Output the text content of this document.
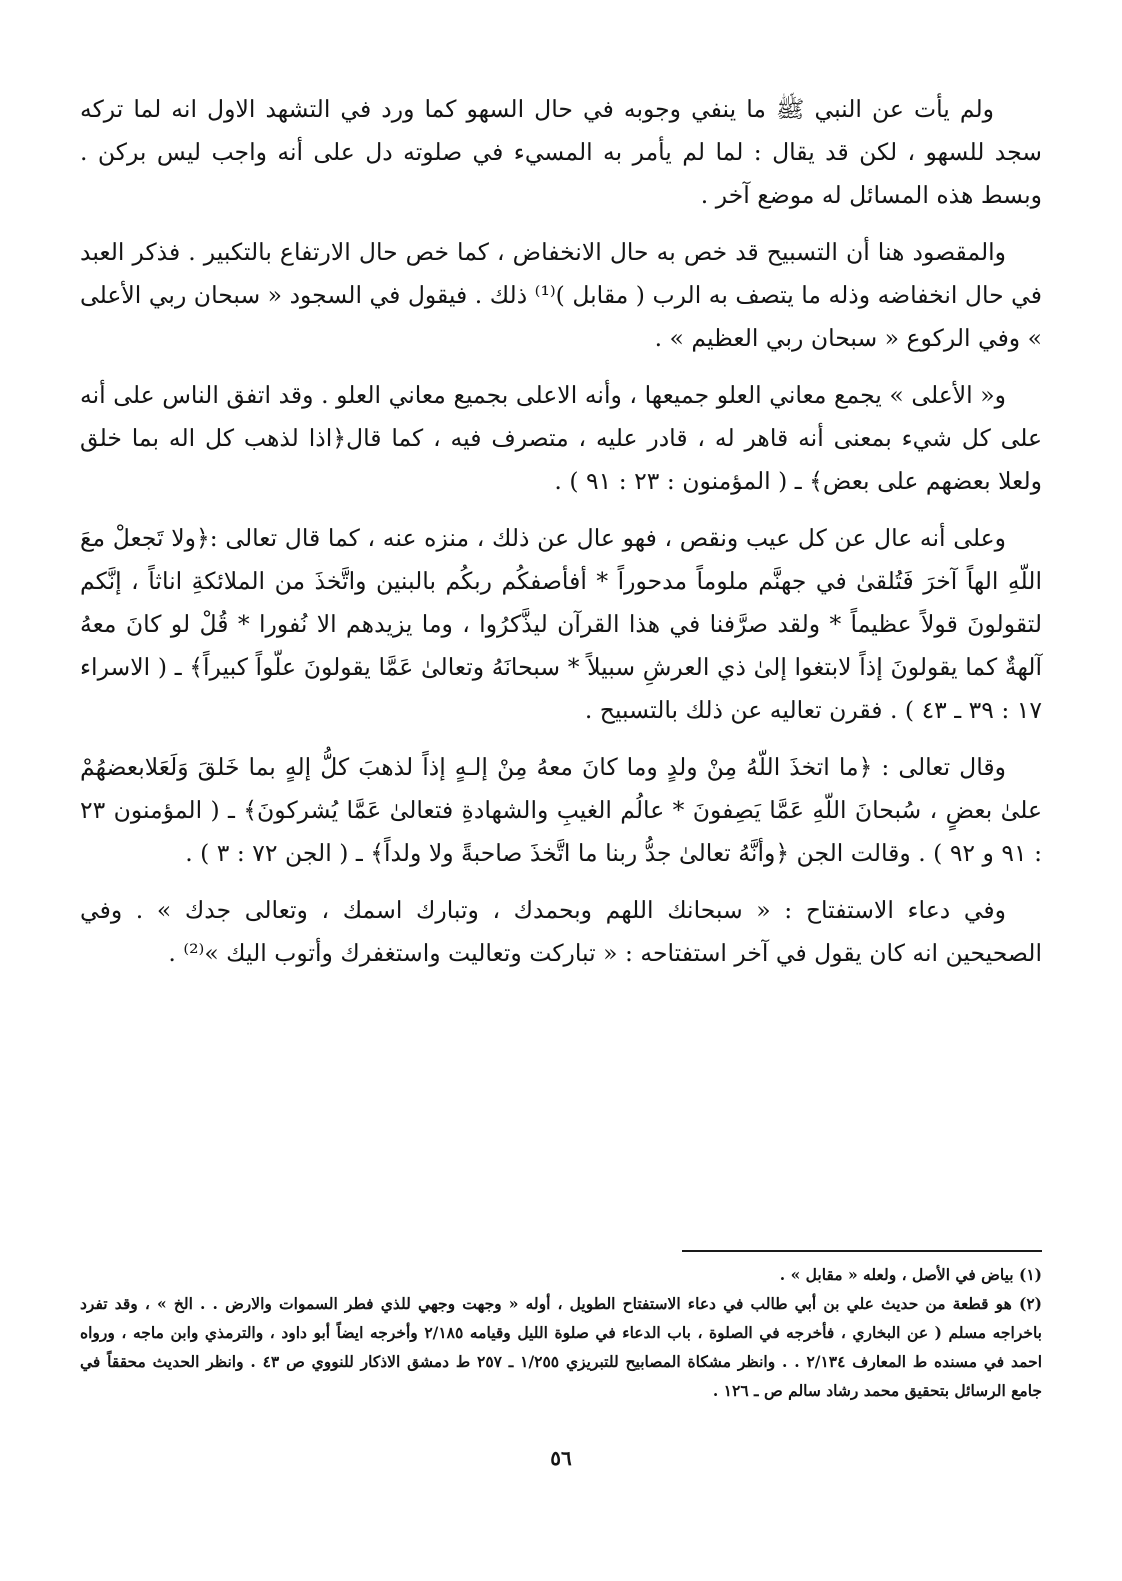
ولم يأت عن النبي ﷺ ما ينفي وجوبه في حال السهو كما ورد في التشهد الاول انه لما تركه سجد للسهو ، لكن قد يقال : لما لم يأمر به المسيء في صلوته دل على أنه واجب ليس بركن . وبسط هذه المسائل له موضع آخر .

والمقصود هنا أن التسبيح قد خص به حال الانخفاض ، كما خص حال الارتفاع بالتكبير . فذكر العبد في حال انخفاضه وذله ما يتصف به الرب ( مقابل )⁽¹⁾ ذلك . فيقول في السجود « سبحان ربي الأعلى » وفي الركوع « سبحان ربي العظيم » .

و« الأعلى » يجمع معاني العلو جميعها ، وأنه الاعلى بجميع معاني العلو . وقد اتفق الناس على أنه على كل شيء بمعنى أنه قاهر له ، قادر عليه ، متصرف فيه ، كما قال﴿اذا لذهب كل اله بما خلق ولعلا بعضهم على بعض﴾ ـ ( المؤمنون : ٢٣ : ٩١ ) .

وعلى أنه عال عن كل عيب ونقص ، فهو عال عن ذلك ، منزه عنه ، كما قال تعالى :﴿ولا تَجعلْ معَ اللّهِ الهاً آخرَ فَتُلقىٰ في جهنَّم ملوماً مدحوراً * أفأصفكُم ربكُم بالبنين واتَّخذَ من الملائكةِ اناثاً ، إنَّكم لتقولونَ قولاً عظيماً * ولقد صرَّفنا في هذا القرآن ليذَّكرُوا ، وما يزيدهم الا نُفورا * قُلْ لو كانَ معهُ آلهةٌ كما يقولونَ إذاً لابتغوا إلىٰ ذي العرشِ سبيلاً * سبحانَهُ وتعالىٰ عَمَّا يقولونَ علّواً كبيراً﴾ ـ ( الاسراء ١٧ : ٣٩ ـ ٤٣ ) . فقرن تعاليه عن ذلك بالتسبيح .

وقال تعالى : ﴿ما اتخذَ اللّهُ مِنْ ولدٍ وما كانَ معهُ مِنْ إلـهٍ إذاً لذهبَ كلُّ إلهٍ بما خَلقَ وَلَعَلابعضهُمْ علىٰ بعضٍ ، سُبحانَ اللّهِ عَمَّا يَصِفونَ * عالُم الغيبِ والشهادةِ فتعالىٰ عَمَّا يُشركونَ﴾ ـ ( المؤمنون ٢٣ : ٩١ و ٩٢ ) . وقالت الجن ﴿وأنَّهُ تعالىٰ جدُّ ربنا ما اتَّخذَ صاحبةً ولا ولداً﴾ ـ ( الجن ٧٢ : ٣ ) .

وفي دعاء الاستفتاح : « سبحانك اللهم وبحمدك ، وتبارك اسمك ، وتعالى جدك » . وفي الصحيحين انه كان يقول في آخر استفتاحه : « تباركت وتعاليت واستغفرك وأتوب اليك »⁽²⁾ .

(١) بياض في الأصل ، ولعله « مقابل » .

(٢) هو قطعة من حديث علي بن أبي طالب في دعاء الاستفتاح الطويل ، أوله « وجهت وجهي للذي فطر السموات والارض . . الخ » ، وقد تفرد باخراجه مسلم ( عن البخاري ، فأخرجه في الصلوة ، باب الدعاء في صلوة الليل وقيامه ٢/١٨٥ وأخرجه ايضاً أبو داود ، والترمذي وابن ماجه ، ورواه احمد في مسنده ط المعارف ٢/١٣٤ . . وانظر مشكاة المصابيح للتبريزي ١/٢٥٥ ـ ٢٥٧ ط دمشق الاذكار للنووي ص ٤٣ . وانظر الحديث محققاً في جامع الرسائل بتحقيق محمد رشاد سالم ص ـ ١٢٦ .

٥٦
